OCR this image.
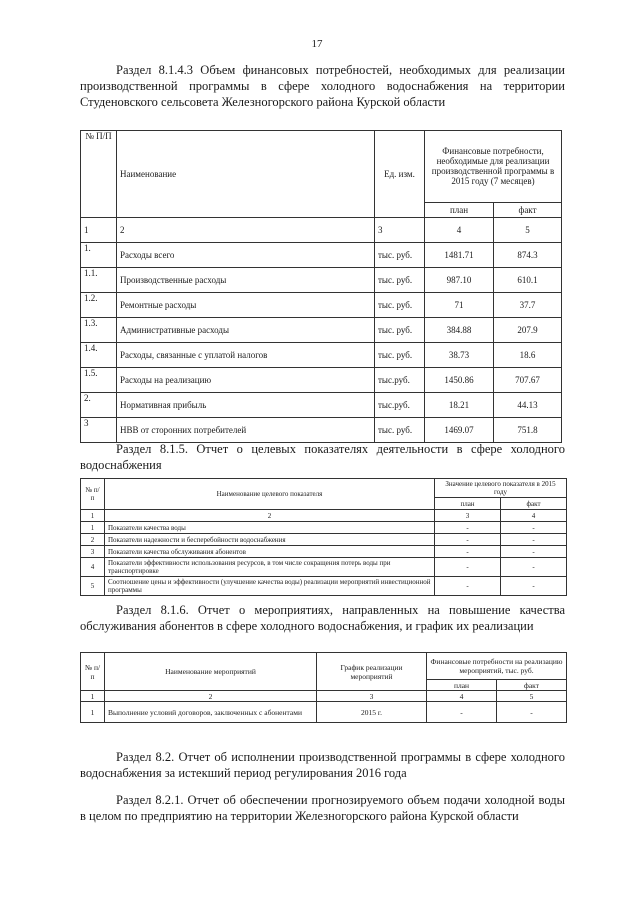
17
Раздел 8.1.4.3 Объем финансовых потребностей, необходимых для реализации производственной программы в сфере холодного водоснабжения на территории Студеновского сельсовета Железногорского района Курской области
№ П/П	Наименование	Ед. изм.	Финансовые потребности, необходимые для реализации производственной программы в 2015 году (7 месяцев)	
			план	факт
1	2	3	4	5
1.	Расходы всего	тыс. руб.	1481.71	874.3
1.1.	Производственные расходы	тыс. руб.	987.10	610.1
1.2.	Ремонтные расходы	тыс. руб.	71	37.7
1.3.	Административные расходы	тыс. руб.	384.88	207.9
1.4.	Расходы, связанные с уплатой налогов	тыс. руб.	38.73	18.6
1.5.	Расходы на реализацию	тыс.руб.	1450.86	707.67
2.	Нормативная прибыль	тыс.руб.	18.21	44.13
3	НВВ от сторонних потребителей	тыс. руб.	1469.07	751.8
Раздел 8.1.5. Отчет о целевых показателях деятельности в сфере холодного водоснабжения
№ п/п	Наименование целевого показателя	Значение целевого показателя в 2015 году	
		план	факт
1	2	3	4
1	Показатели качества воды	-	-
2	Показатели надежности и бесперебойности водоснабжения	-	-
3	Показатели качества обслуживания абонентов	-	-
4	Показатели эффективности использования ресурсов, в том числе сокращения потерь воды при транспортировке	-	-
5	Соотношение цены и эффективности (улучшение качества воды) реализации мероприятий инвестиционной программы	-	-
Раздел 8.1.6. Отчет о мероприятиях, направленных на повышение качества обслуживания абонентов в сфере холодного водоснабжения, и график их реализации
№ п/п	Наименование мероприятий	График реализации мероприятий	Финансовые потребности на реализацию мероприятий, тыс. руб.	
			план	факт
1	2	3	4	5
1	Выполнение условий договоров, заключенных с абонентами	2015 г.	-	-
Раздел 8.2. Отчет об исполнении производственной программы в сфере холодного водоснабжения за истекший период регулирования 2016 года
Раздел 8.2.1. Отчет об обеспечении прогнозируемого объем подачи холодной воды в целом по предприятию на территории Железногорского района Курской области
